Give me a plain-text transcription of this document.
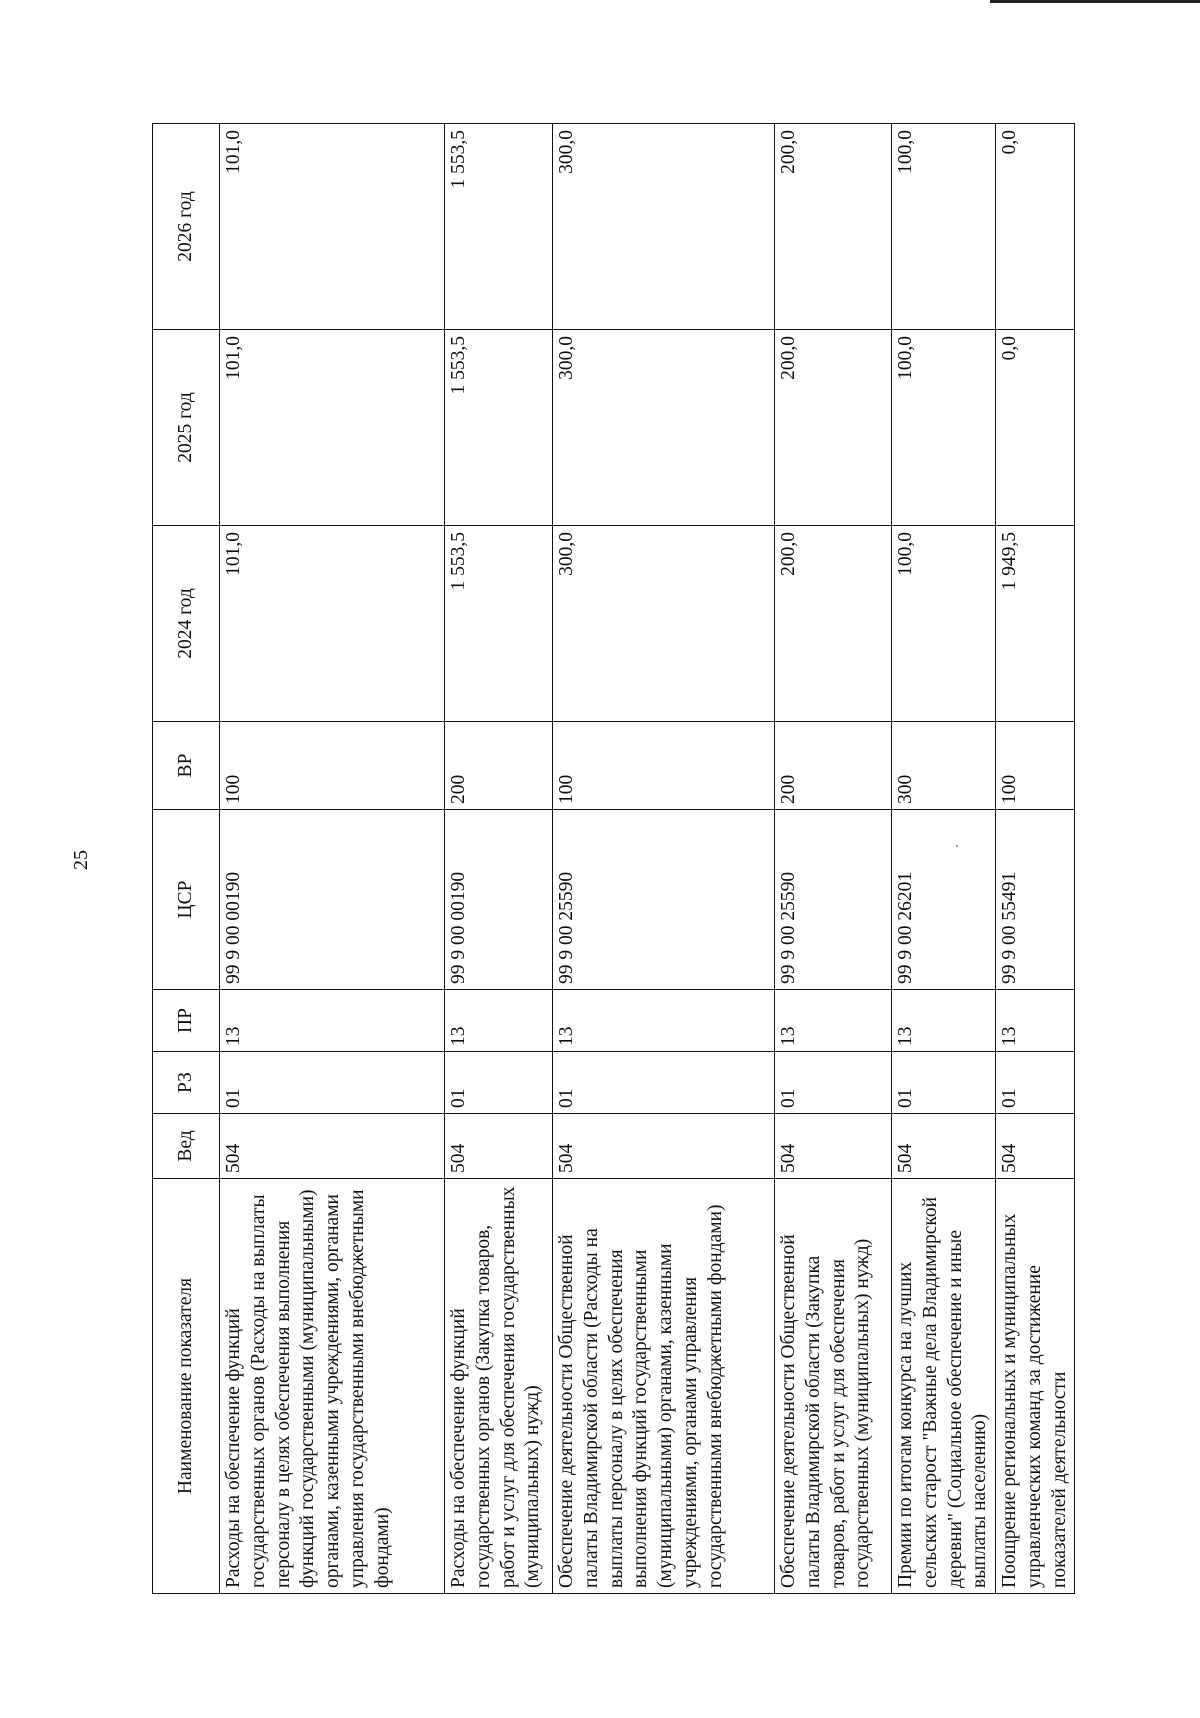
25
Наименование показателя	Вед	РЗ	ПР	ЦСР	ВР	2024 год	2025 год	2026 год
Расходы на обеспечение функций государственных органов (Расходы на выплаты персоналу в целях обеспечения выполнения функций государственными (муниципальными) органами, казенными учреждениями, органами управления государственными внебюджетными фондами)	504	01	13	99 9 00 00190	100	101,0	101,0	101,0
Расходы на обеспечение функций государственных органов (Закупка товаров, работ и услуг для обеспечения государственных (муниципальных) нужд)	504	01	13	99 9 00 00190	200	1 553,5	1 553,5	1 553,5
Обеспечение деятельности Общественной палаты Владимирской области (Расходы на выплаты персоналу в целях обеспечения выполнения функций государственными (муниципальными) органами, казенными учреждениями, органами управления государственными внебюджетными фондами)	504	01	13	99 9 00 25590	100	300,0	300,0	300,0
Обеспечение деятельности Общественной палаты Владимирской области (Закупка товаров, работ и услуг для обеспечения государственных (муниципальных) нужд)	504	01	13	99 9 00 25590	200	200,0	200,0	200,0
Премии по итогам конкурса на лучших сельских старост "Важные дела Владимирской деревни" (Социальное обеспечение и иные выплаты населению)	504	01	13	99 9 00 26201	300	100,0	100,0	100,0
Поощрение региональных и муниципальных управленческих команд за достижение показателей деятельности	504	01	13	99 9 00 55491	100	1 949,5	0,0	0,0
